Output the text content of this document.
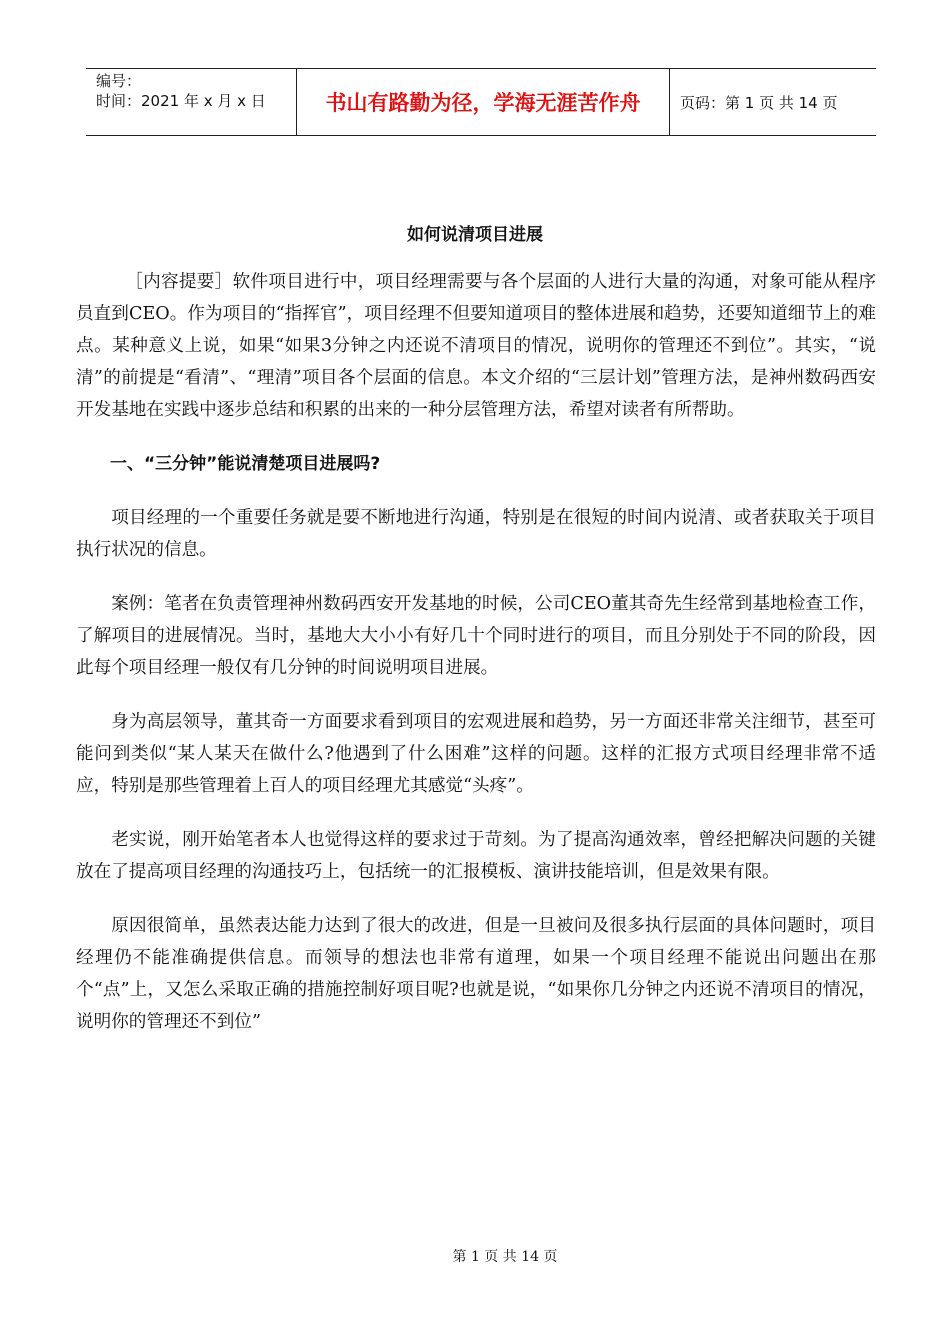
编号：
时间：2021 年 x 月 x 日	书山有路勤为径，学海无涯苦作舟	页码：第 1 页 共 14 页
如何说清项目进展

［内容提要］软件项目进行中，项目经理需要与各个层面的人进行大量的沟通，对象可能从程序员直到CEO。作为项目的“指挥官”，项目经理不但要知道项目的整体进展和趋势，还要知道细节上的难点。某种意义上说，如果“如果3分钟之内还说不清项目的情况，说明你的管理还不到位”。其实，“说清”的前提是“看清”、“理清”项目各个层面的信息。本文介绍的“三层计划”管理方法，是神州数码西安开发基地在实践中逐步总结和积累的出来的一种分层管理方法，希望对读者有所帮助。

一、“三分钟”能说清楚项目进展吗?

项目经理的一个重要任务就是要不断地进行沟通，特别是在很短的时间内说清、或者获取关于项目执行状况的信息。

案例：笔者在负责管理神州数码西安开发基地的时候，公司CEO董其奇先生经常到基地检查工作，了解项目的进展情况。当时，基地大大小小有好几十个同时进行的项目，而且分别处于不同的阶段，因此每个项目经理一般仅有几分钟的时间说明项目进展。

身为高层领导，董其奇一方面要求看到项目的宏观进展和趋势，另一方面还非常关注细节，甚至可能问到类似“某人某天在做什么?他遇到了什么困难”这样的问题。这样的汇报方式项目经理非常不适应，特别是那些管理着上百人的项目经理尤其感觉“头疼”。

老实说，刚开始笔者本人也觉得这样的要求过于苛刻。为了提高沟通效率，曾经把解决问题的关键放在了提高项目经理的沟通技巧上，包括统一的汇报模板、演讲技能培训，但是效果有限。

原因很简单，虽然表达能力达到了很大的改进，但是一旦被问及很多执行层面的具体问题时，项目经理仍不能准确提供信息。而领导的想法也非常有道理，如果一个项目经理不能说出问题出在那个“点”上，又怎么采取正确的措施控制好项目呢?也就是说，“如果你几分钟之内还说不清项目的情况，说明你的管理还不到位”

第 1 页 共 14 页
